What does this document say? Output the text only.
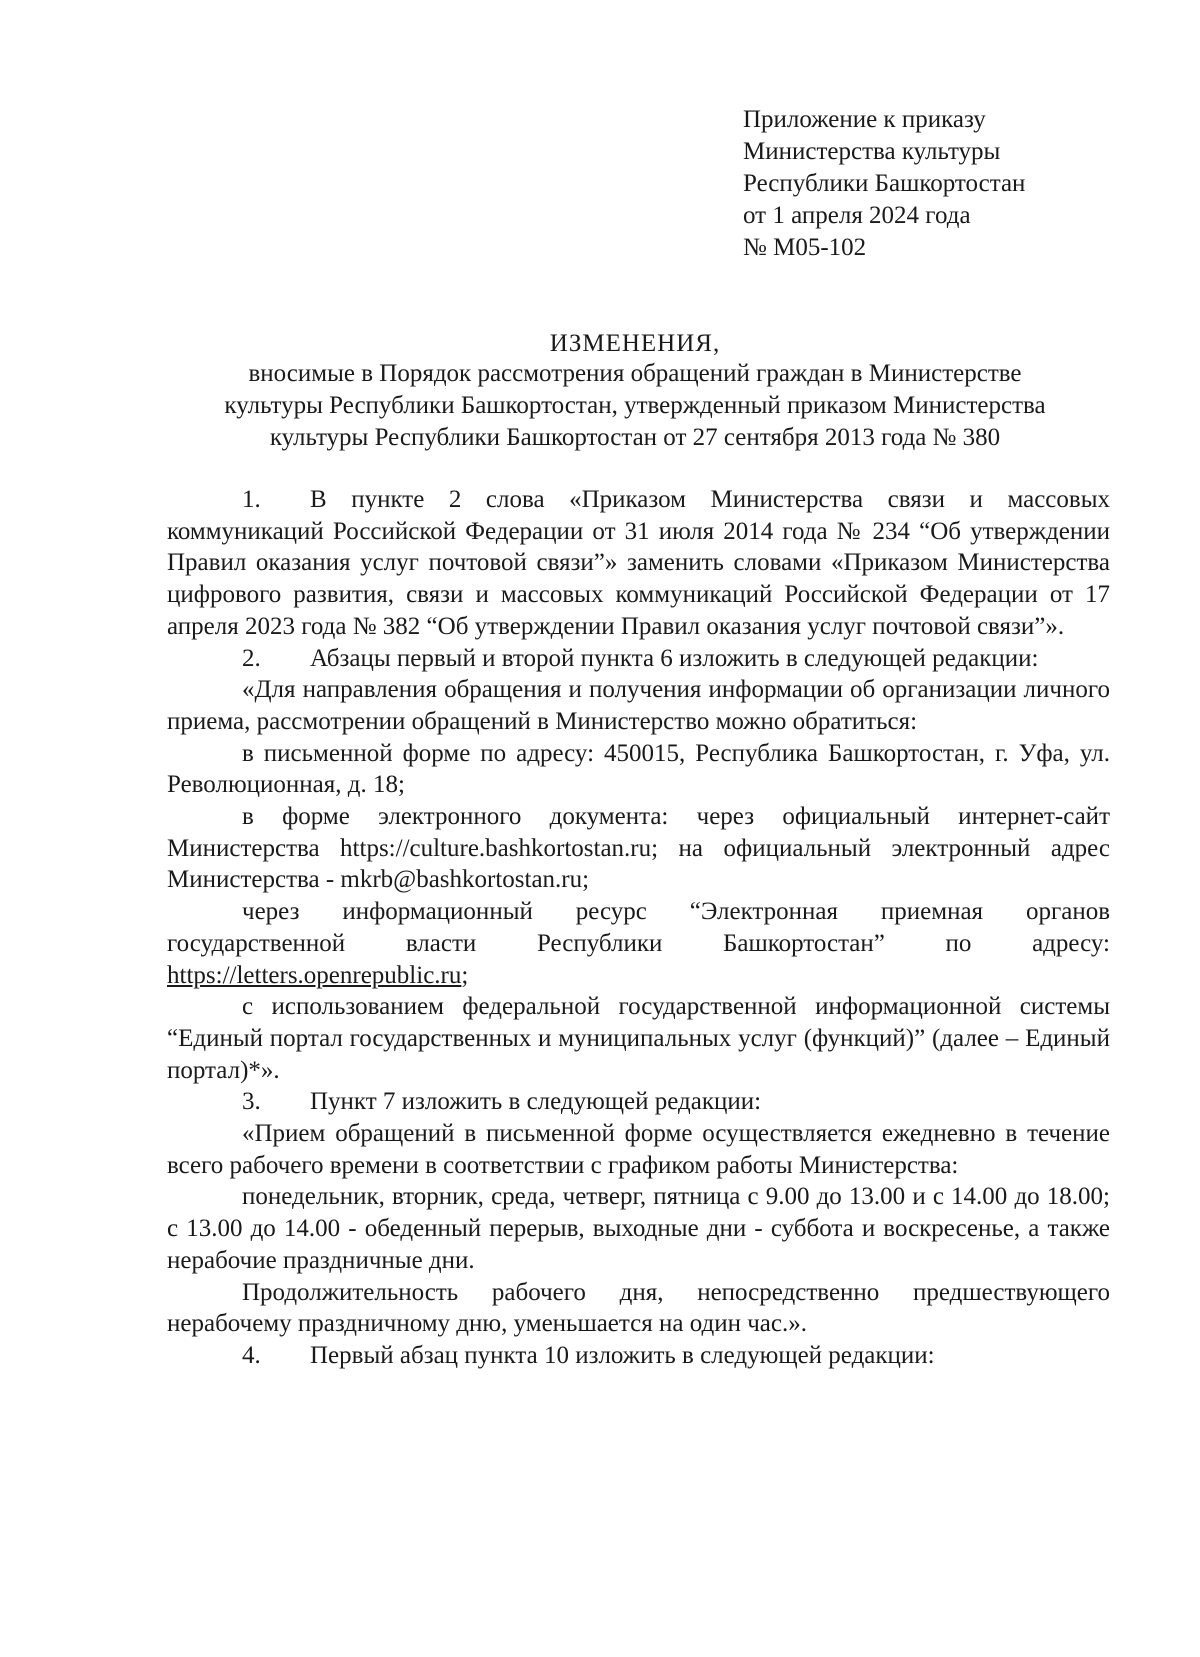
Приложение к приказу
Министерства культуры
Республики Башкортостан
от 1 апреля 2024 года
№ М05-102
ИЗМЕНЕНИЯ,
вносимые в Порядок рассмотрения обращений граждан в Министерстве
культуры Республики Башкортостан, утвержденный приказом Министерства
культуры Республики Башкортостан от 27 сентября 2013 года № 380

1. В пункте 2 слова «Приказом Министерства связи и массовых коммуникаций Российской Федерации от 31 июля 2014 года № 234 “Об утверждении Правил оказания услуг почтовой связи”» заменить словами «Приказом Министерства цифрового развития, связи и массовых коммуникаций Российской Федерации от 17 апреля 2023 года № 382 “Об утверждении Правил оказания услуг почтовой связи”».

2. Абзацы первый и второй пункта 6 изложить в следующей редакции:

«Для направления обращения и получения информации об организации личного приема, рассмотрении обращений в Министерство можно обратиться:

в письменной форме по адресу: 450015, Республика Башкортостан, г. Уфа, ул. Революционная, д. 18;

в форме электронного документа: через официальный интернет-сайт Министерства https://culture.bashkortostan.ru; на официальный электронный адрес Министерства - mkrb@bashkortostan.ru;

через информационный ресурс “Электронная приемная органов государственной власти Республики Башкортостан” по адресу: https://letters.openrepublic.ru;

с использованием федеральной государственной информационной системы “Единый портал государственных и муниципальных услуг (функций)” (далее – Единый портал)*».

3. Пункт 7 изложить в следующей редакции:

«Прием обращений в письменной форме осуществляется ежедневно в течение всего рабочего времени в соответствии с графиком работы Министерства:

понедельник, вторник, среда, четверг, пятница с 9.00 до 13.00 и с 14.00 до 18.00; с 13.00 до 14.00 - обеденный перерыв, выходные дни - суббота и воскресенье, а также нерабочие праздничные дни.

Продолжительность рабочего дня, непосредственно предшествующего нерабочему праздничному дню, уменьшается на один час.».

4. Первый абзац пункта 10 изложить в следующей редакции:
